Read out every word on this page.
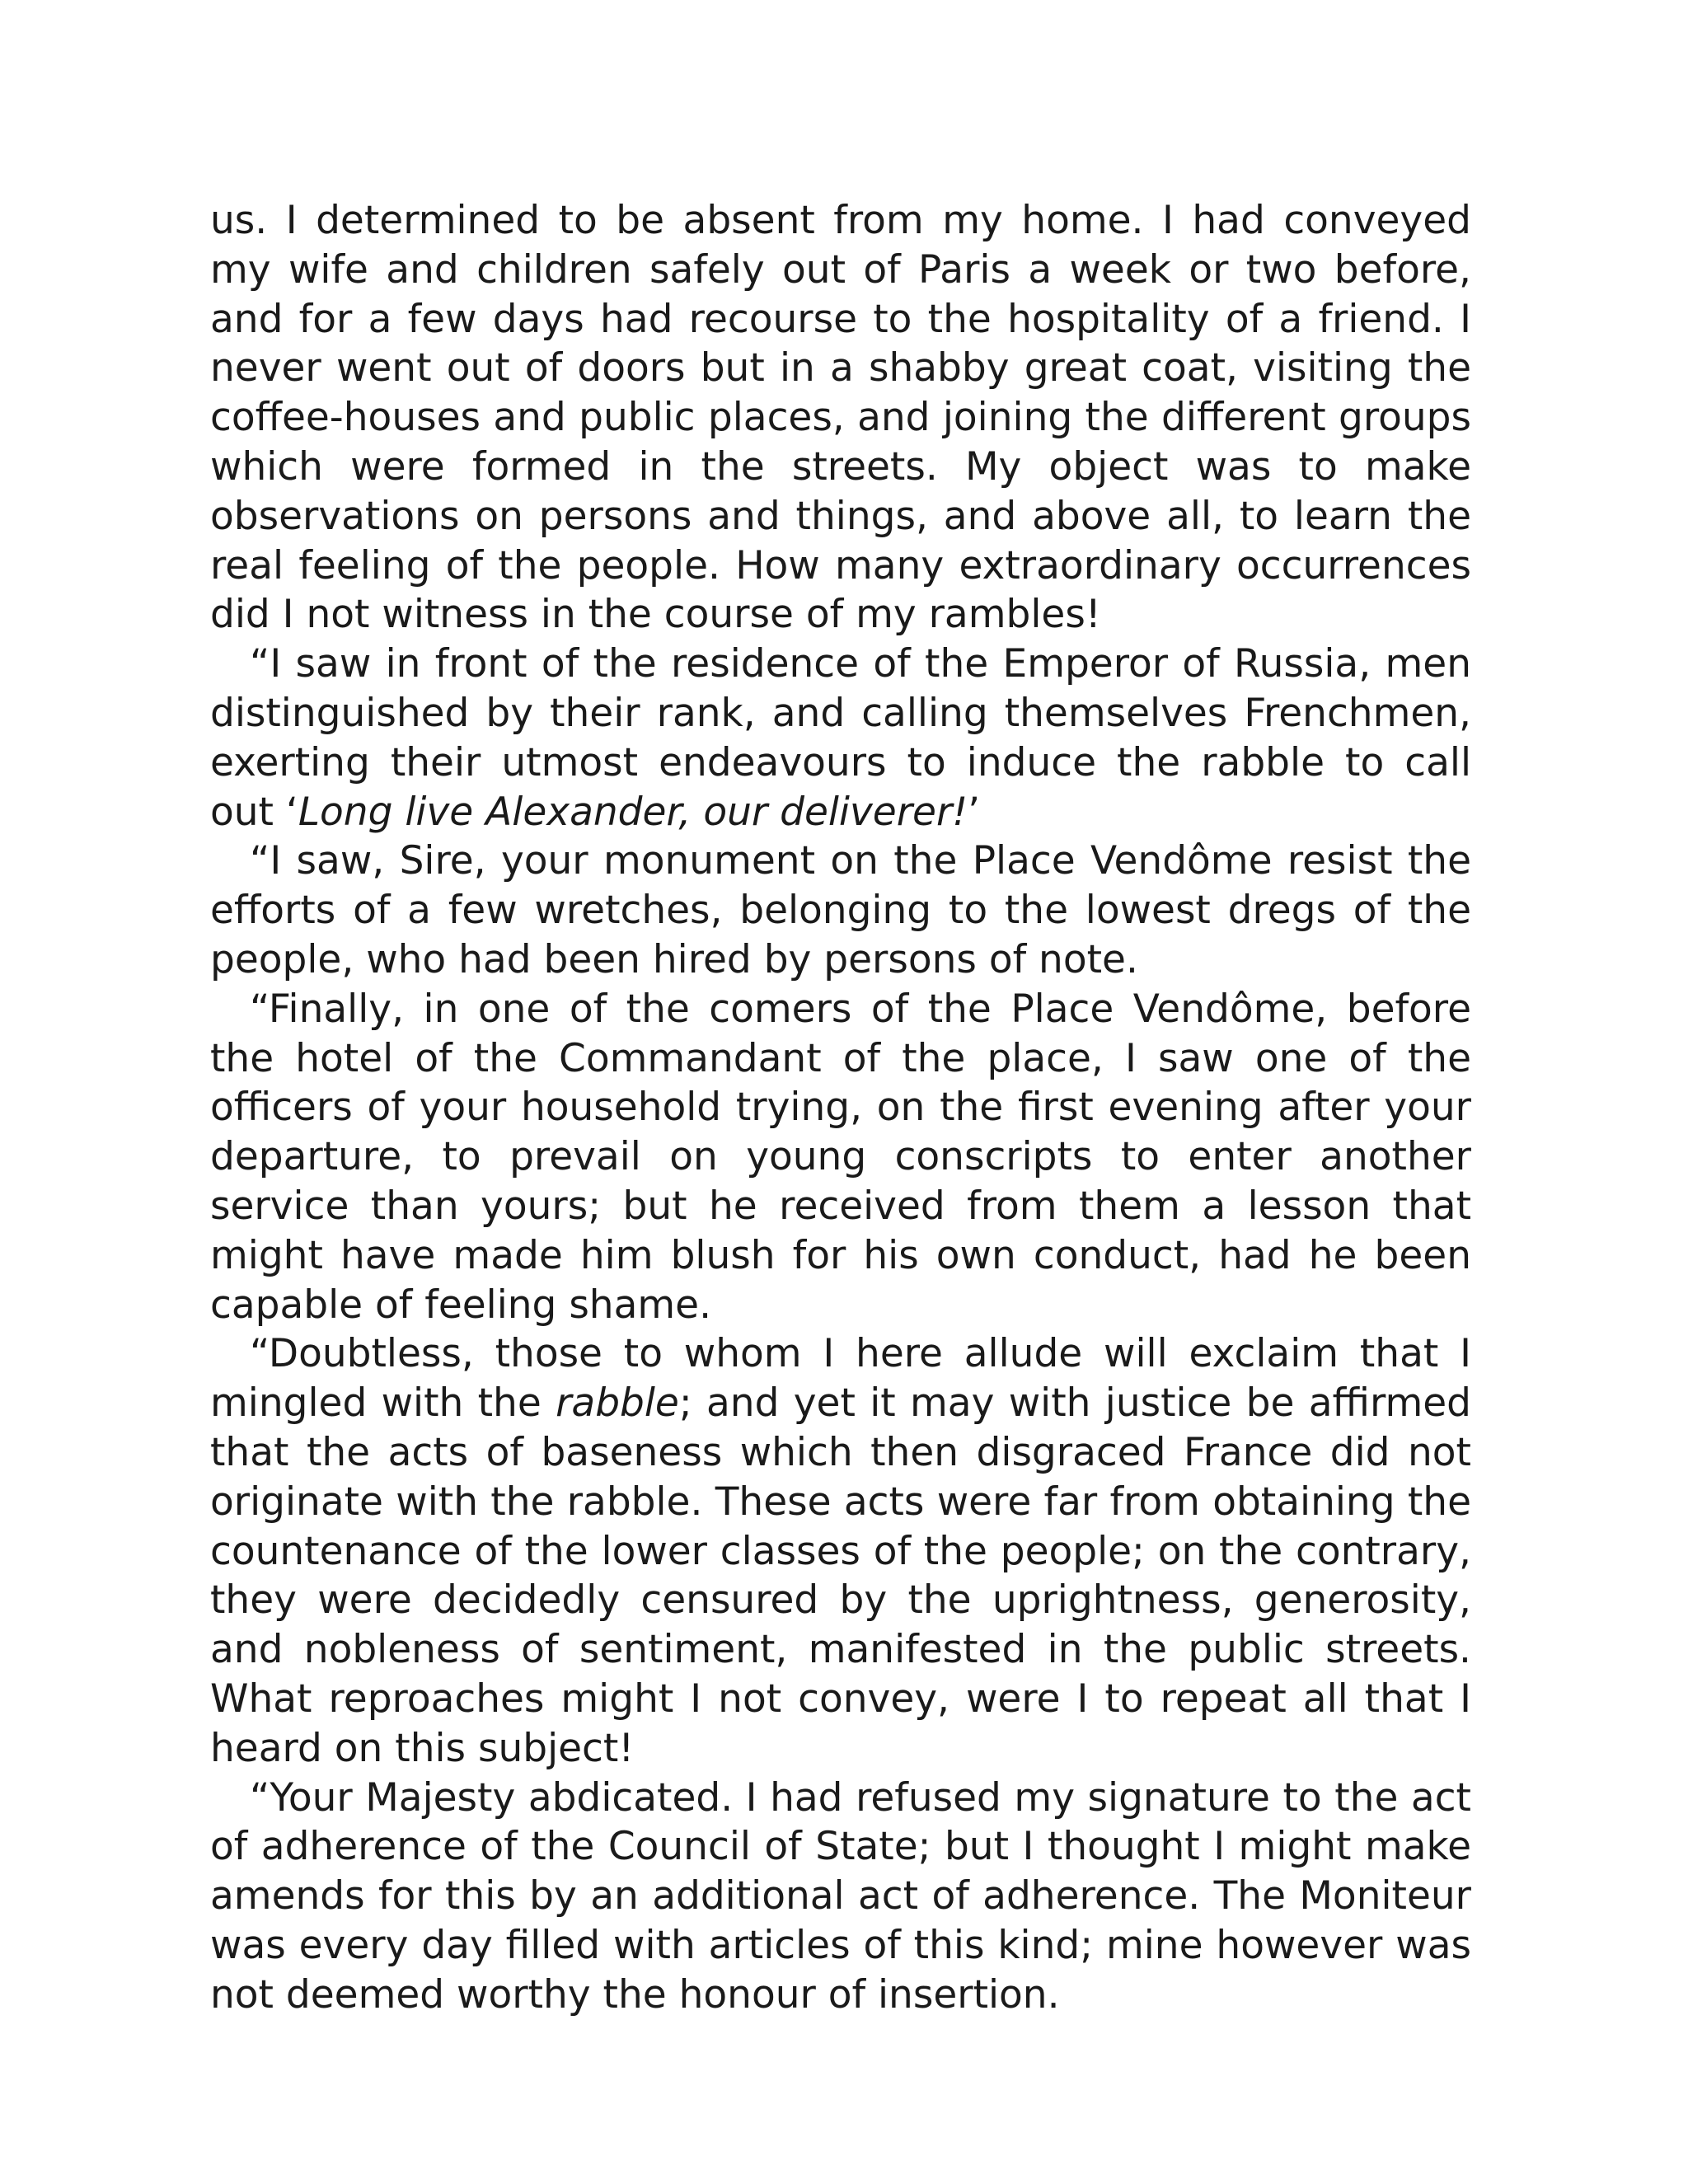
us. I determined to be absent from my home. I had conveyed my wife and children safely out of Paris a week or two before, and for a few days had recourse to the hospitality of a friend. I never went out of doors but in a shabby great coat, visiting the coffee-houses and public places, and joining the different groups which were formed in the streets. My object was to make observations on persons and things, and above all, to learn the real feeling of the people. How many extraordinary occurrences did I not witness in the course of my rambles!

“I saw in front of the residence of the Emperor of Russia, men distinguished by their rank, and calling themselves Frenchmen, exerting their utmost endeavours to induce the rabble to call out ‘Long live Alexander, our deliverer!’

“I saw, Sire, your monument on the Place Vendôme resist the efforts of a few wretches, belonging to the lowest dregs of the people, who had been hired by persons of note.

“Finally, in one of the comers of the Place Vendôme, before the hotel of the Commandant of the place, I saw one of the officers of your household trying, on the first evening after your departure, to prevail on young conscripts to enter another service than yours; but he received from them a lesson that might have made him blush for his own conduct, had he been capable of feeling shame.

“Doubtless, those to whom I here allude will exclaim that I mingled with the rabble; and yet it may with justice be affirmed that the acts of baseness which then disgraced France did not originate with the rabble. These acts were far from obtaining the countenance of the lower classes of the people; on the contrary, they were decidedly censured by the uprightness, generosity, and nobleness of sentiment, manifested in the public streets. What reproaches might I not convey, were I to repeat all that I heard on this subject!

“Your Majesty abdicated. I had refused my signature to the act of adherence of the Council of State; but I thought I might make amends for this by an additional act of adherence. The Moniteur was every day filled with articles of this kind; mine however was not deemed worthy the honour of insertion.
